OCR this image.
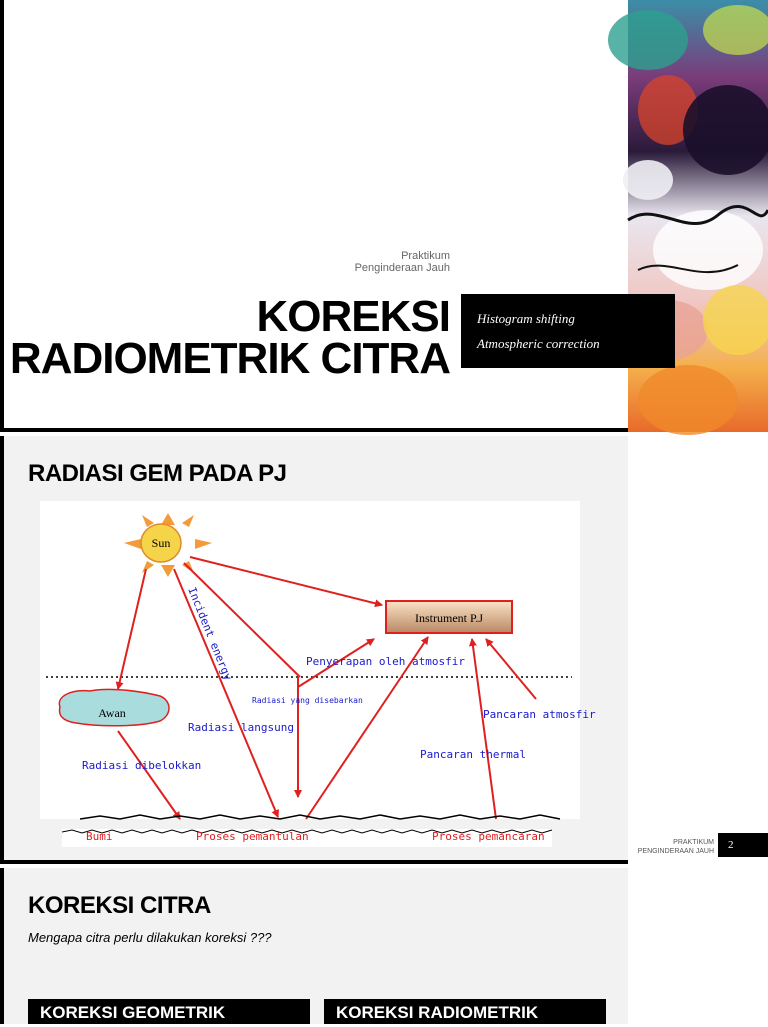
Praktikum
Penginderaan Jauh
KOREKSI
RADIOMETRIK CITRA
Histogram shifting
Atmospheric correction
RADIASI GEM PADA PJ
Sun
Instrument P.J
Awan
Incident energy	Penyerapan oleh atmosfir
Radiasi yang disebarkan
Radiasi langsung
Radiasi dibelokkan
Pancaran atmosfir
Pancaran thermal
Bumi	Proses pemantulan	Proses pemancaran	PRAKTIKUM
PENGINDERAAN JAUH
2
KOREKSI CITRA
Mengapa citra perlu dilakukan koreksi ???
KOREKSI GEOMETRIK	KOREKSI RADIOMETRIK
